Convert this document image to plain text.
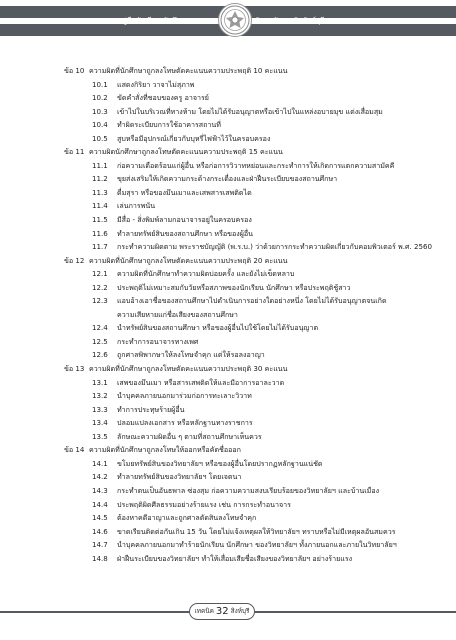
คู่มือนักเรียน นักศึกษา	วิทยาลัยเทคนิคสิงห์บุรี
ข้อ 10 ความผิดที่นักศึกษาถูกลงโทษตัดคะแนนความประพฤติ 10 คะแนน
10.1 แสดงกิริยา วาจาไม่สุภาพ
10.2 ขัดคำสั่งที่ชอบของครู อาจารย์
10.3 เข้าไปในบริเวณที่ทางห้าม โดยไม่ได้รับอนุญาตหรือเข้าไปในแหล่งอบายมุข แต่งเสื่อมสุม
10.4 ทำผิดระเบียบการใช้อาคารสถานที่
10.5 สูบหรือมีอุปกรณ์เกี่ยวกับบุหรี่ไฟฟ้าไว้ในครอบครอง
ข้อ 11 ความผิดนักศึกษาถูกลงโทษตัดคะแนนความประพฤติ 15 คะแนน
11.1 ก่อความเดือดร้อนแก่ผู้อื่น หรือก่อการวิวาทหย่อนและกระทำการให้เกิดการแตกความสามัคคี
11.2 ขุยส่งเสริมให้เกิดความกระด้างกระเดื่องและฝ่าฝืนระเบียบของสถานศึกษา
11.3 ดื่มสุรา หรือของมึนเมาและเสพสารเสพติดได
11.4 เล่นการพนัน
11.5 มีสื่อ - สิ่งพิมพ์ลามกอนาจารอยู่ในครอบครอง
11.6 ทำลายทรัพย์สินของสถานศึกษา หรือของผู้อื่น
11.7 กระทำความผิดตาม พระราชบัญญัติ (พ.ร.บ.) ว่าด้วยการกระทำความผิดเกี่ยวกับคอมพิวเตอร์ พ.ศ. 2560
ข้อ 12 ความผิดที่นักศึกษาถูกลงโทษตัดคะแนนความประพฤติ 20 คะแนน
12.1 ความผิดที่นักศึกษาทำความผิดบ่อยครั้ง และยังไม่เข็ดหลาบ
12.2 ประพฤติไม่เหมาะสมกับวัยหรือสภาพของนักเรียน นักศึกษา หรือประพฤติชู้สาว
12.3 แอบอ้างเอาชื่อของสถานศึกษาไปดำเนินการอย่างใดอย่างหนึ่ง โดยไม่ได้รับอนุญาตจนเกิด
ความเสียหายแก่ชื่อเสียงของสถานศึกษา
12.4 นำทรัพย์สินของสถานศึกษา หรือของผู้อื่นไปใช้โดยไม่ได้รับอนุญาต
12.5 กระทำการอนาจารทางเพศ
12.6 ถูกศาลพิพากษาให้ลงโทษจำคุก แต่ให้รอลงอาญา
ข้อ 13 ความผิดที่นักศึกษาถูกลงโทษตัดคะแนนความประพฤติ 30 คะแนน
13.1 เสพของมึนเมา หรือสารเสพติดให้และมีอาการอาละวาด
13.2 นำบุคคลภายนอกมาร่วมก่อการทะเลาะวิวาท
13.3 ทำการประทุษร้ายผู้อื่น
13.4 ปลอมแปลงเอกสาร หรือหลักฐานทางราชการ
13.5 ลักษณะความผิดอื่น ๆ ตามที่สถานศึกษาเห็นควร
ข้อ 14 ความผิดที่นักศึกษาถูกลงโทษให้ออกหรือคัดชื่อออก
14.1 ขโมยทรัพย์สินของวิทยาลัยฯ หรือของผู้อื่นโดยปรากฏหลักฐานแน่ชัด
14.2 ทำลายทรัพย์สินของวิทยาลัยฯ โดยเจตนา
14.3 กระทำตนเป็นอันธพาล ซ่องสุม ก่อความความสงบเรียบร้อยของวิทยาลัยฯ และบ้านเมือง
14.4 ประพฤติผิดศีลธรรมอย่างร้ายแรง เช่น การกระทำอนาจาร
14.5 ต้องหาคดีอาญาและถูกศาลตัดสินลงโทษจำคุก
14.6 ขาดเรียนติดต่อกันเกิน 15 วัน โดยไม่แจ้งเหตุผลให้วิทยาลัยฯ ทราบหรือไม่มีเหตุผลอันสมควร
14.7 นำบุคคลภายนอกมาทำร้ายนักเรียน นักศึกษา ของวิทยาลัยฯ ทั้งภายนอกและภายในวิทยาลัยฯ
14.8 ฝ่าฝืนระเบียบของวิทยาลัยฯ ทำให้เสื่อมเสียชื่อเสียงของวิทยาลัยฯ อย่างร้ายแรง
เทคนิค 32 สิงห์บุรี
